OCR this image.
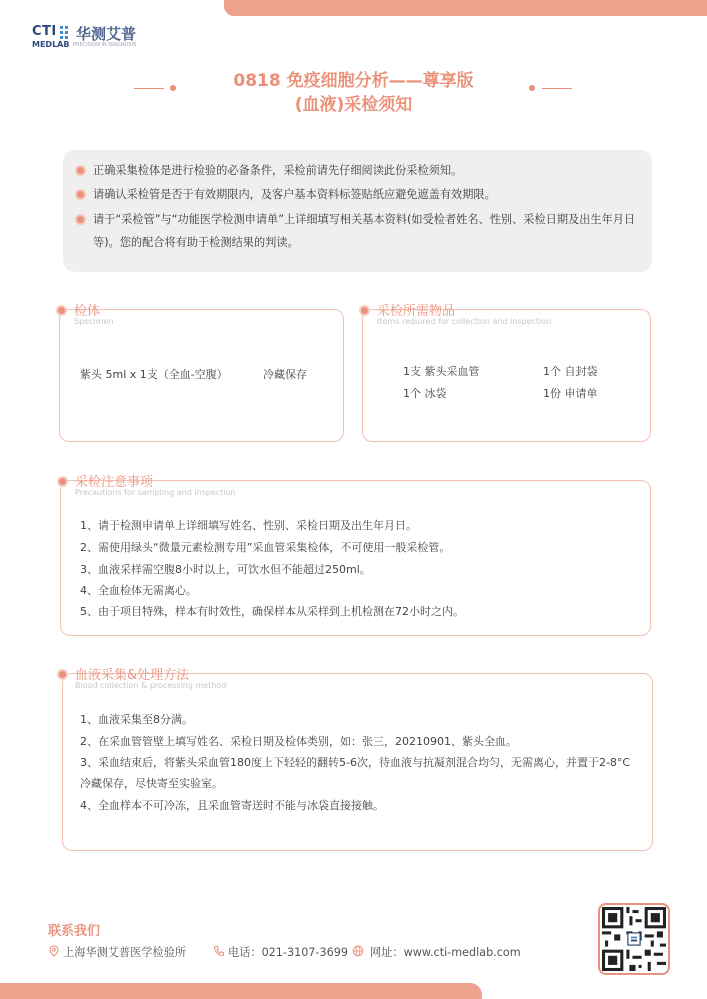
CTI 华测艾普
MEDLAB PRECISION IN DIAGNOSIS
0818 免疫细胞分析——尊享版
(血液)采检须知
正确采集检体是进行检验的必备条件，采检前请先仔细阅读此份采检须知。
请确认采检管是否于有效期限内，及客户基本资料标签贴纸应避免遮盖有效期限。
请于“采检管”与“功能医学检测申请单”上详细填写相关基本资料(如受检者姓名、性别、采检日期及出生年月日等)。您的配合将有助于检测结果的判读。
检体
Specimen
紫头 5ml x 1支（全血-空腹）	冷藏保存
采检所需物品
Items required for collection and inspection
1支 紫头采血管	1个 自封袋
1个 冰袋	1份 申请单
采检注意事项
Precautions for sampling and inspection
1、请于检测申请单上详细填写姓名、性别、采检日期及出生年月日。
2、需使用绿头“微量元素检测专用”采血管采集检体，不可使用一般采检管。
3、血液采样需空腹8小时以上，可饮水但不能超过250ml。
4、全血检体无需离心。
5、由于项目特殊，样本有时效性，确保样本从采样到上机检测在72小时之内。
血液采集&处理方法
Blood collection & processing method
1、血液采集至8分满。
2、在采血管管壁上填写姓名、采检日期及检体类别，如：张三，20210901、紫头全血。
3、采血结束后，将紫头采血管180度上下轻轻的翻转5-6次，待血液与抗凝剂混合均匀，无需离心，并置于2-8°C
冷藏保存，尽快寄至实验室。
4、全血样本不可冷冻，且采血管寄送时不能与冰袋直接接触。
联系我们
上海华测艾普医学检验所	电话：021-3107-3699 网址：www.cti-medlab.com
